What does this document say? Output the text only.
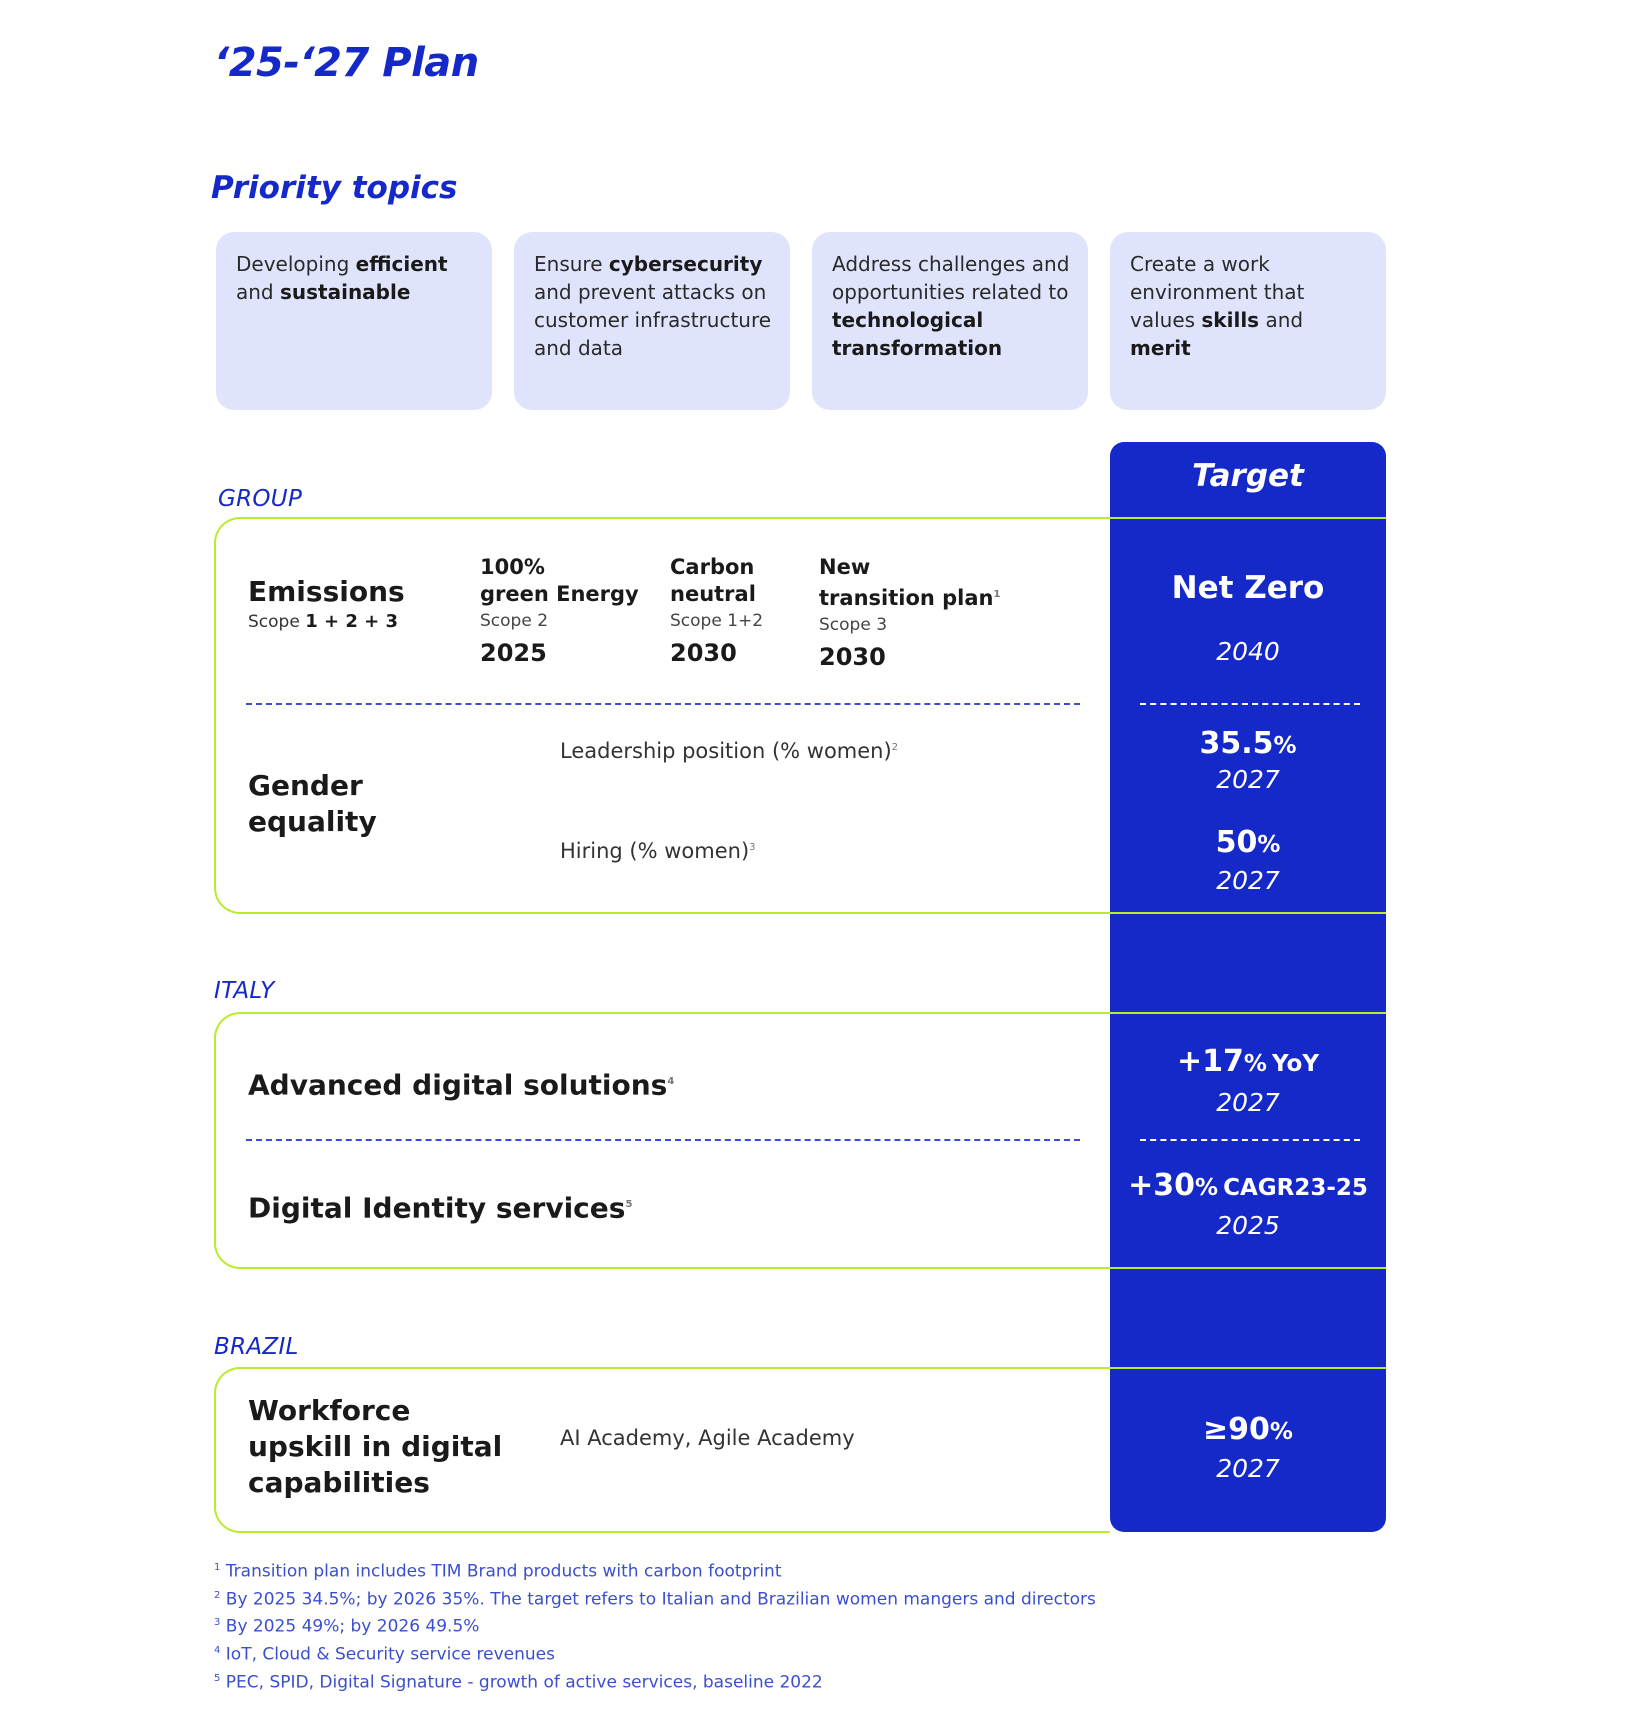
‘25-‘27 Plan
Priority topics
Developing efficient and sustainable
Ensure cybersecurity and prevent attacks on customer infrastructure and data
Address challenges and opportunities related to technological transformation
Create a work environment that values skills and merit
Target
GROUP
Emissions
Scope 1 + 2 + 3
100%
green Energy
Scope 2
2025
Carbon
neutral
Scope 1+2
2030
New
transition plan$^1$
Scope 3
2030
Net Zero
2040
Gender
equality
Leadership position (% women)$^2$
Hiring (% women)$^3$
35.5%
2027
50%
2027
ITALY
Advanced digital solutions$^4$
+17% YoY
2027
Digital Identity services$^5$
+30% CAGR23-25
2025
BRAZIL
Workforce
upskill in digital
capabilities
AI Academy, Agile Academy	≥90%
2027
$^1$ Transition plan includes TIM Brand products with carbon footprint
$^2$ By 2025 34.5%; by 2026 35%. The target refers to Italian and Brazilian women mangers and directors
$^3$ By 2025 49%; by 2026 49.5%
$^4$ IoT, Cloud & Security service revenues
$^5$ PEC, SPID, Digital Signature - growth of active services, baseline 2022
